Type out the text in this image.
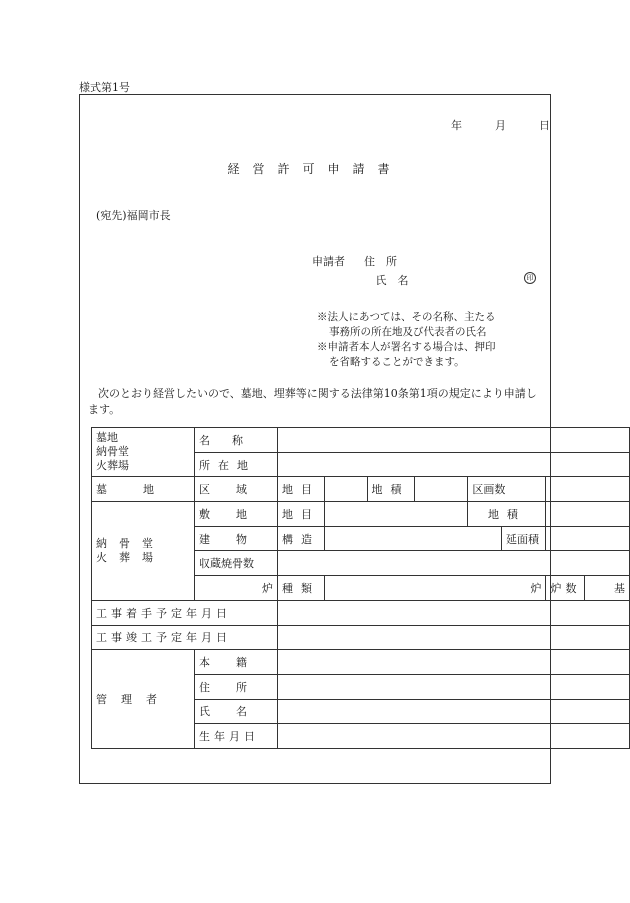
様式第1号
年	月	日
経営許可申請書
(宛先)福岡市長
申請者 住　所
氏　名	印

※法人にあつては、その名称、主たる

事務所の所在地及び代表者の氏名

※申請者本人が署名する場合は、押印

を省略することができます。

次のとおり経営したいので、墓地、埋葬等に関する法律第10条第1項の規定により申請します。
墓地
納骨堂
火葬場	名称								

	所在地								
墓地	区域	地目		地積		区画数			

納骨堂
火葬場	敷地	地目				地積			
	建物	構造					延面積		
	収蔵焼骨数								
	炉	種類	炉					炉数	基
工事着手予定年月日									
工事竣工予定年月日									
管理者	本籍								
	住所								
	氏名								
	生年月日								
